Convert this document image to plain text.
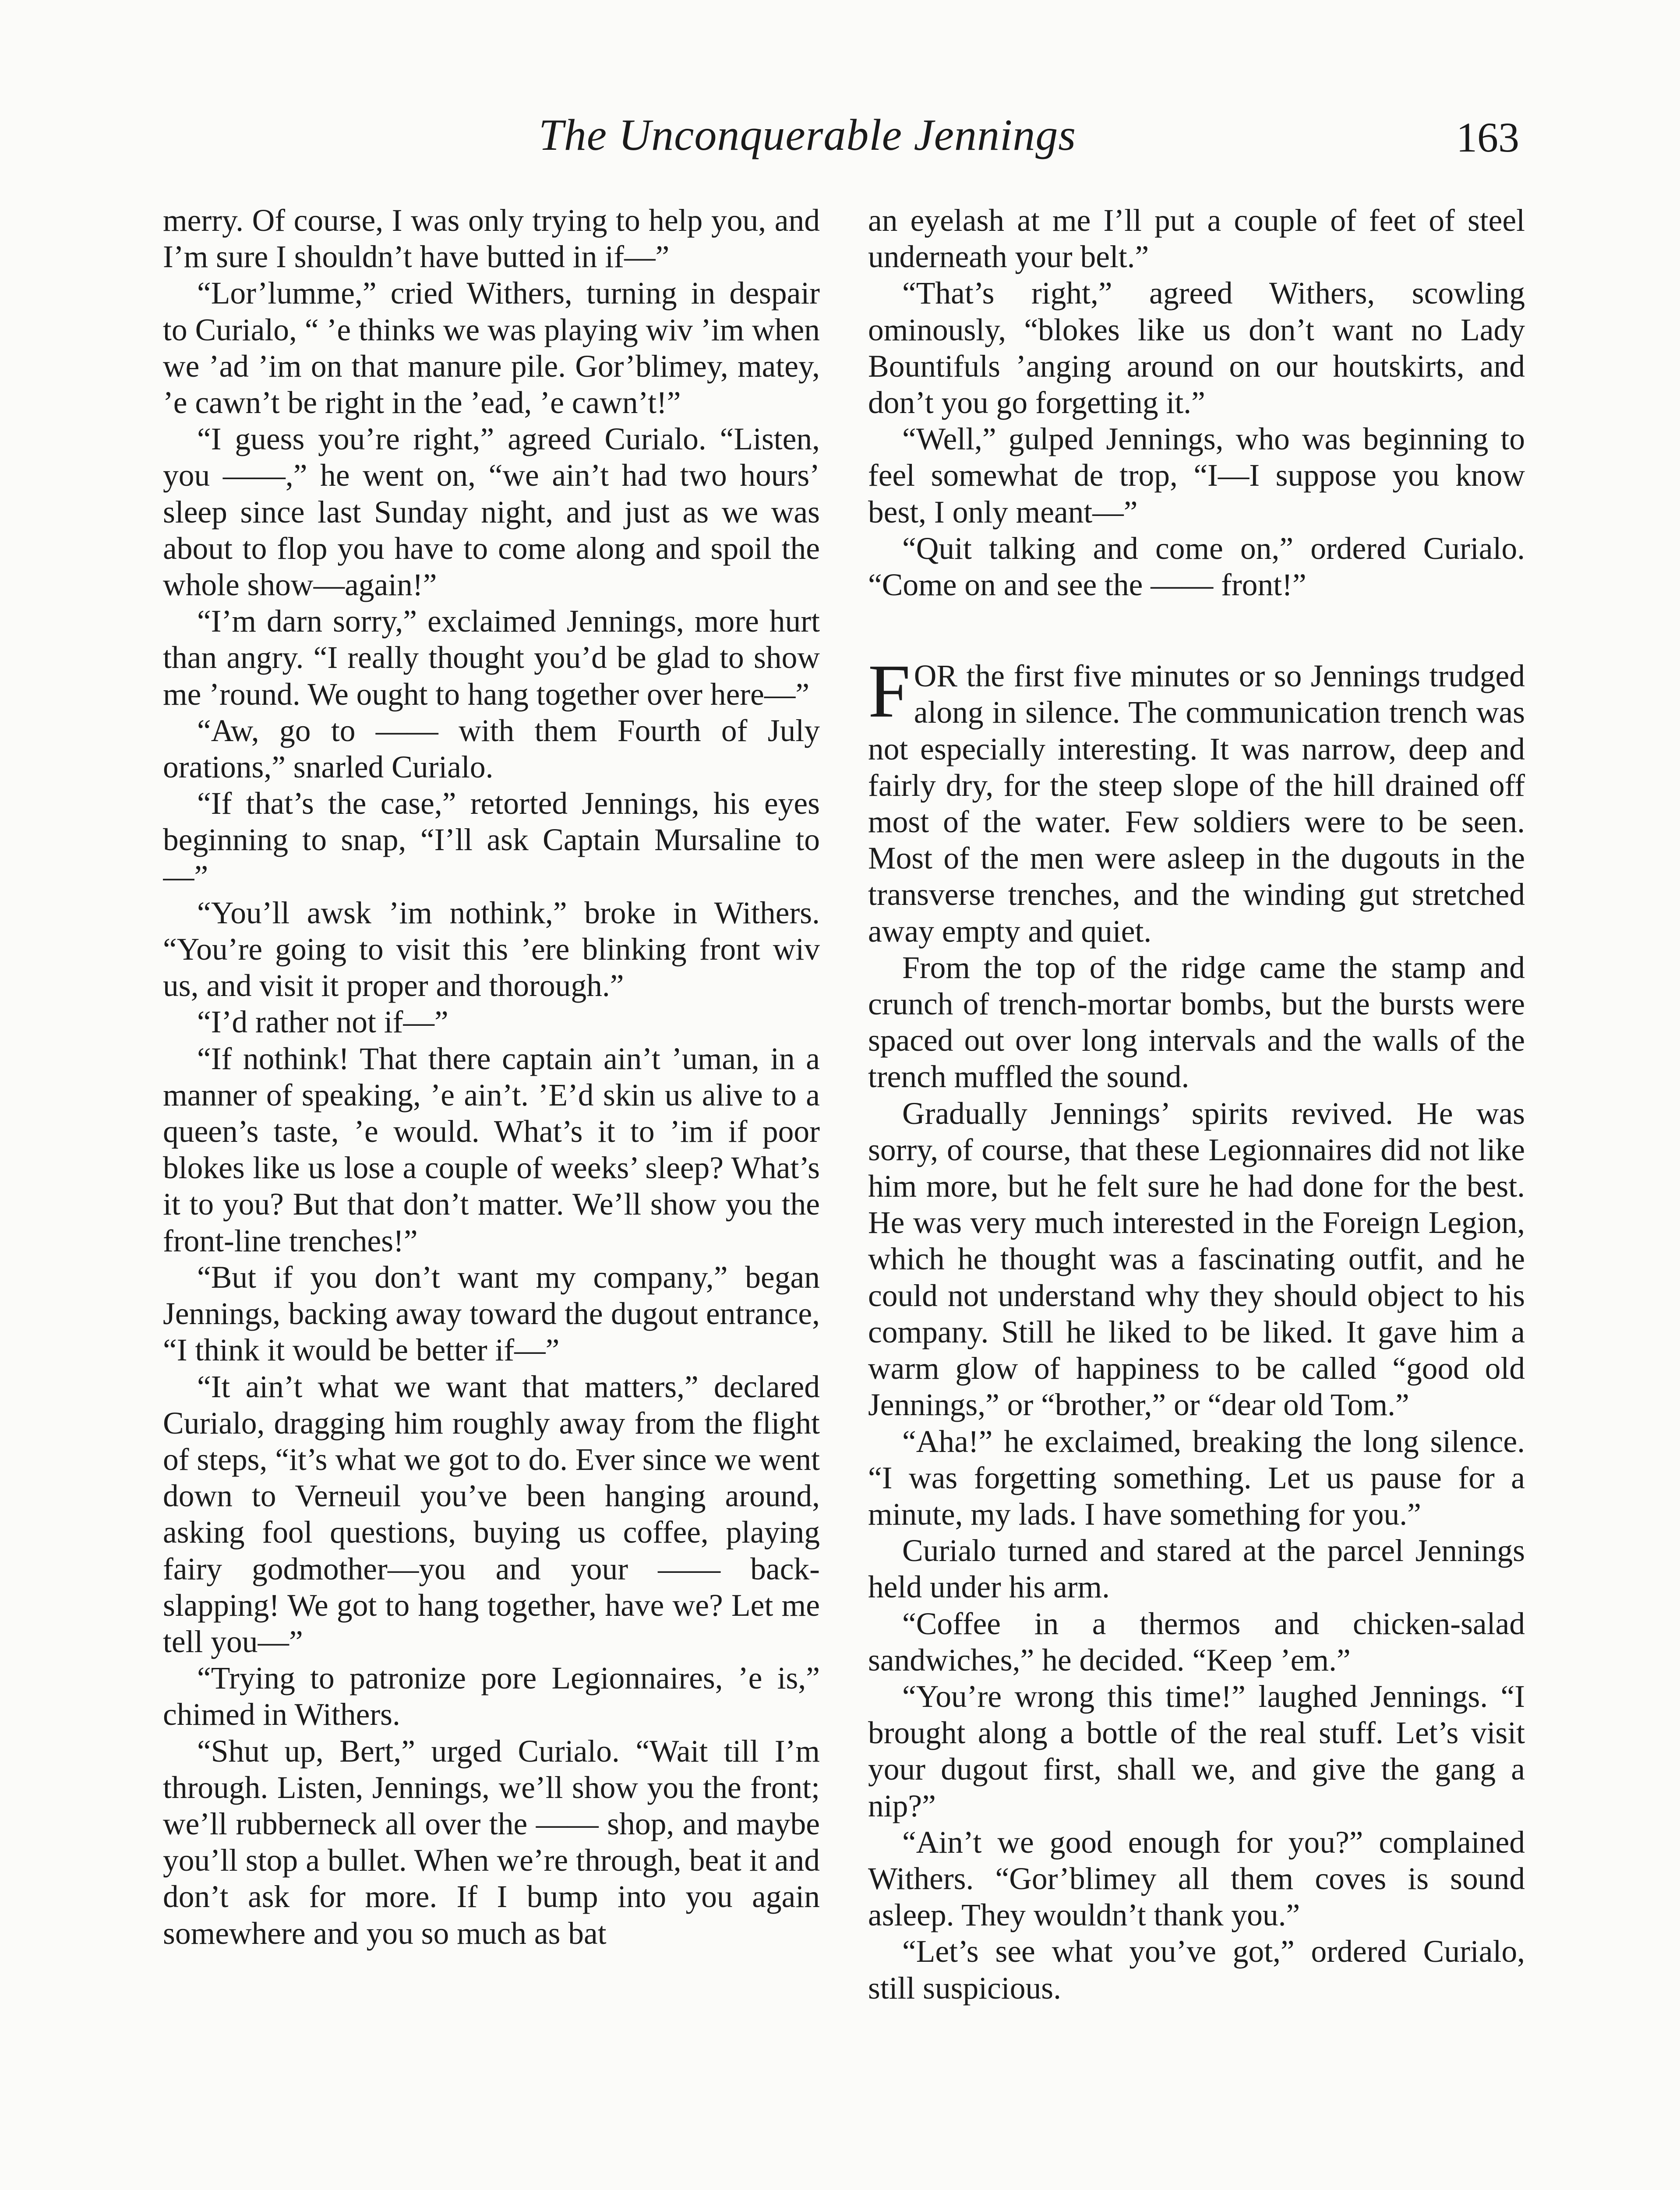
The Unconquerable Jennings	163

merry. Of course, I was only trying to help you, and I’m sure I shouldn’t have butted in if—”

“Lor’lumme,” cried Withers, turning in despair to Curialo, “ ’e thinks we was playing wiv ’im when we ’ad ’im on that manure pile. Gor’blimey, matey, ’e cawn’t be right in the ’ead, ’e cawn’t!”

“I guess you’re right,” agreed Curialo. “Listen, you ——,” he went on, “we ain’t had two hours’ sleep since last Sunday night, and just as we was about to flop you have to come along and spoil the whole show—again!”

“I’m darn sorry,” exclaimed Jennings, more hurt than angry. “I really thought you’d be glad to show me ’round. We ought to hang together over here—”

“Aw, go to —— with them Fourth of July orations,” snarled Curialo.

“If that’s the case,” retorted Jennings, his eyes beginning to snap, “I’ll ask Captain Mursaline to—”

“You’ll awsk ’im nothink,” broke in Withers. “You’re going to visit this ’ere blinking front wiv us, and visit it proper and thorough.”

“I’d rather not if—”

“If nothink! That there captain ain’t ’uman, in a manner of speaking, ’e ain’t. ’E’d skin us alive to a queen’s taste, ’e would. What’s it to ’im if poor blokes like us lose a couple of weeks’ sleep? What’s it to you? But that don’t matter. We’ll show you the front-line trenches!”

“But if you don’t want my company,” began Jennings, backing away toward the dugout entrance, “I think it would be better if—”

“It ain’t what we want that matters,” declared Curialo, dragging him roughly away from the flight of steps, “it’s what we got to do. Ever since we went down to Verneuil you’ve been hanging around, asking fool questions, buying us coffee, playing fairy godmother—you and your —— back-slapping! We got to hang together, have we? Let me tell you—”

“Trying to patronize pore Legionnaires, ’e is,” chimed in Withers.

“Shut up, Bert,” urged Curialo. “Wait till I’m through. Listen, Jennings, we’ll show you the front; we’ll rubberneck all over the —— shop, and maybe you’ll stop a bullet. When we’re through, beat it and don’t ask for more. If I bump into you again somewhere and you so much as bat

an eyelash at me I’ll put a couple of feet of steel underneath your belt.”

“That’s right,” agreed Withers, scowling ominously, “blokes like us don’t want no Lady Bountifuls ’anging around on our houtskirts, and don’t you go forgetting it.”

“Well,” gulped Jennings, who was beginning to feel somewhat de trop, “I—I suppose you know best, I only meant—”

“Quit talking and come on,” ordered Curialo. “Come on and see the —— front!”

FOR the first five minutes or so Jennings trudged along in silence. The communication trench was not especially interesting. It was narrow, deep and fairly dry, for the steep slope of the hill drained off most of the water. Few soldiers were to be seen. Most of the men were asleep in the dugouts in the transverse trenches, and the winding gut stretched away empty and quiet.

From the top of the ridge came the stamp and crunch of trench-mortar bombs, but the bursts were spaced out over long intervals and the walls of the trench muffled the sound.

Gradually Jennings’ spirits revived. He was sorry, of course, that these Legionnaires did not like him more, but he felt sure he had done for the best. He was very much interested in the Foreign Legion, which he thought was a fascinating outfit, and he could not understand why they should object to his company. Still he liked to be liked. It gave him a warm glow of happiness to be called “good old Jennings,” or “brother,” or “dear old Tom.”

“Aha!” he exclaimed, breaking the long silence. “I was forgetting something. Let us pause for a minute, my lads. I have something for you.”

Curialo turned and stared at the parcel Jennings held under his arm.

“Coffee in a thermos and chicken-salad sandwiches,” he decided. “Keep ’em.”

“You’re wrong this time!” laughed Jennings. “I brought along a bottle of the real stuff. Let’s visit your dugout first, shall we, and give the gang a nip?”

“Ain’t we good enough for you?” complained Withers. “Gor’blimey all them coves is sound asleep. They wouldn’t thank you.”

“Let’s see what you’ve got,” ordered Curialo, still suspicious.
